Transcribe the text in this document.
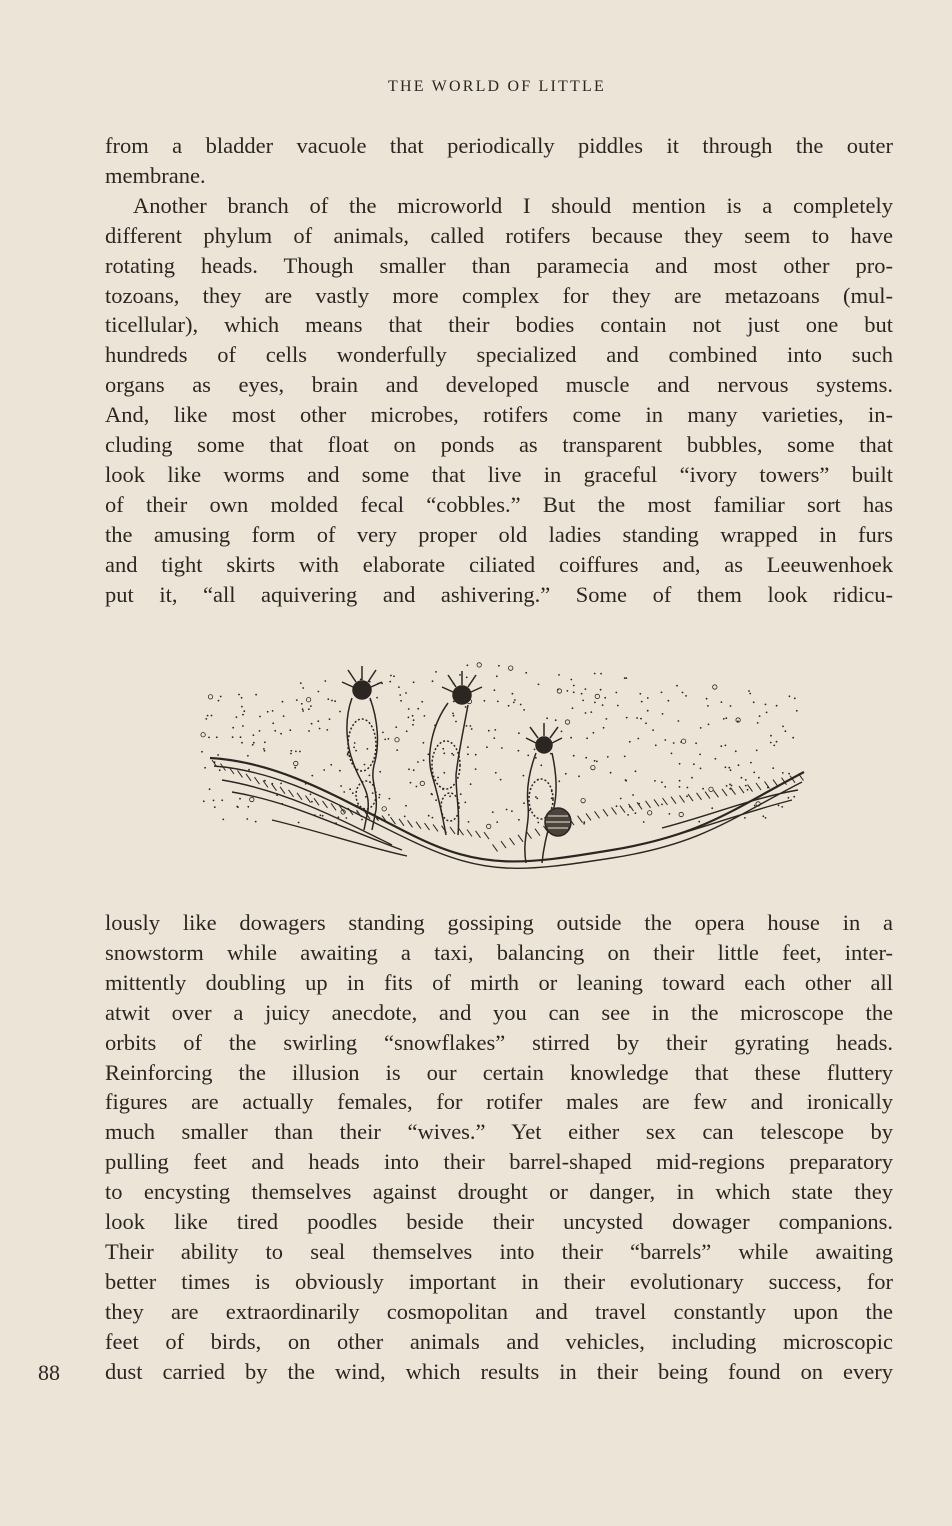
THE WORLD OF LITTLE
from a bladder vacuole that periodically piddles it through the outer
membrane.
Another branch of the microworld I should mention is a completely
different phylum of animals, called rotifers because they seem to have
rotating heads. Though smaller than paramecia and most other pro-
tozoans, they are vastly more complex for they are metazoans (mul-
ticellular), which means that their bodies contain not just one but
hundreds of cells wonderfully specialized and combined into such
organs as eyes, brain and developed muscle and nervous systems.
And, like most other microbes, rotifers come in many varieties, in-
cluding some that float on ponds as transparent bubbles, some that
look like worms and some that live in graceful “ivory towers” built
of their own molded fecal “cobbles.” But the most familiar sort has
the amusing form of very proper old ladies standing wrapped in furs
and tight skirts with elaborate ciliated coiffures and, as Leeuwenhoek
put it, “all aquivering and ashivering.” Some of them look ridicu-
lously like dowagers standing gossiping outside the opera house in a
snowstorm while awaiting a taxi, balancing on their little feet, inter-
mittently doubling up in fits of mirth or leaning toward each other all
atwit over a juicy anecdote, and you can see in the microscope the
orbits of the swirling “snowflakes” stirred by their gyrating heads.
Reinforcing the illusion is our certain knowledge that these fluttery
figures are actually females, for rotifer males are few and ironically
much smaller than their “wives.” Yet either sex can telescope by
pulling feet and heads into their barrel-shaped mid-regions preparatory
to encysting themselves against drought or danger, in which state they
look like tired poodles beside their uncysted dowager companions.
Their ability to seal themselves into their “barrels” while awaiting
better times is obviously important in their evolutionary success, for
they are extraordinarily cosmopolitan and travel constantly upon the
feet of birds, on other animals and vehicles, including microscopic
dust carried by the wind, which results in their being found on every
88
